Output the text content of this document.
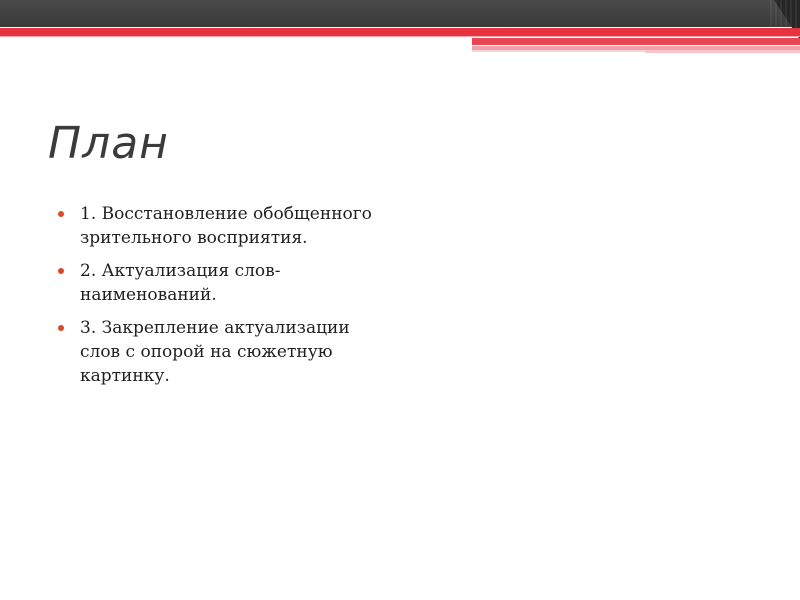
План
1. Восстановление обобщенного зрительного восприятия.
2. Актуализация слов-наименований.
3. Закрепление актуализации слов с опорой на сюжетную картинку.
